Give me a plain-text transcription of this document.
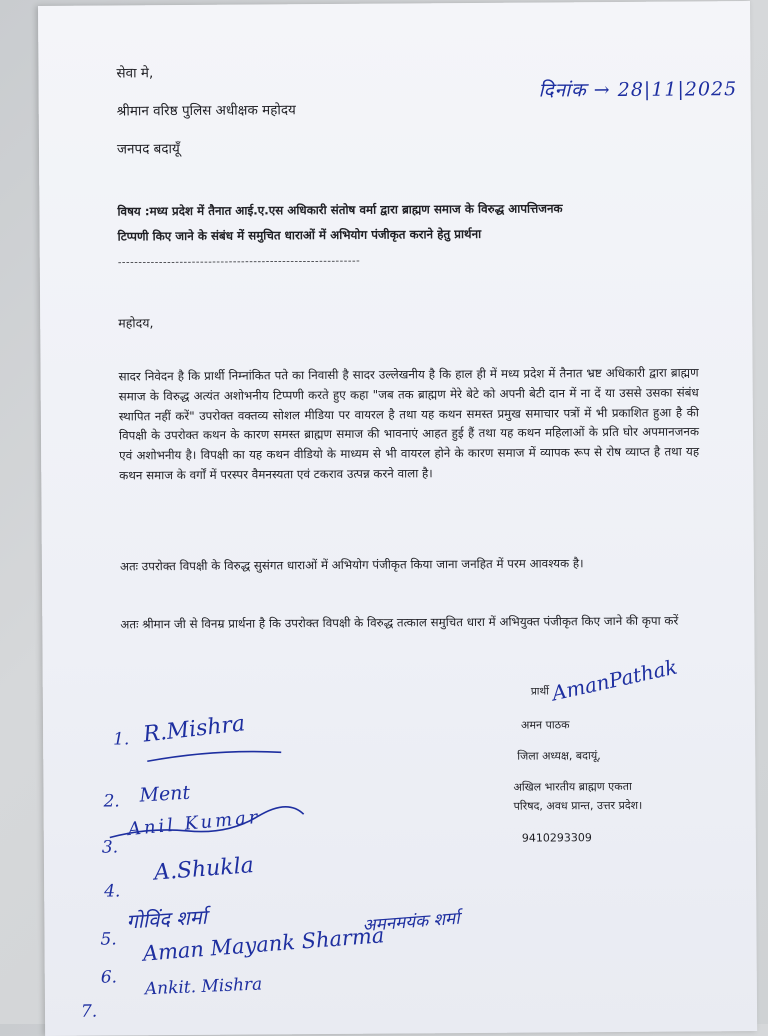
सेवा मे,
श्रीमान वरिष्ठ पुलिस अधीक्षक महोदय
जनपद बदायूँ
दिनांक → 28|11|2025
विषय :मध्य प्रदेश में तैनात आई.ए.एस अधिकारी संतोष वर्मा द्वारा ब्राह्मण समाज के विरुद्ध आपत्तिजनक
टिप्पणी किए जाने के संबंध में समुचित धाराओं में अभियोग पंजीकृत कराने हेतु प्रार्थना
-----------------------------------------------------------
महोदय,
सादर निवेदन है कि प्रार्थी निम्नांकित पते का निवासी है सादर उल्लेखनीय है कि हाल ही में मध्य प्रदेश में तैनात भ्रष्ट अधिकारी द्वारा ब्राह्मण समाज के विरुद्ध अत्यंत अशोभनीय टिप्पणी करते हुए कहा "जब तक ब्राह्मण मेरे बेटे को अपनी बेटी दान में ना दें या उससे उसका संबंध स्थापित नहीं करें" उपरोक्त वक्तव्य सोशल मीडिया पर वायरल है तथा यह कथन समस्त प्रमुख समाचार पत्रों में भी प्रकाशित हुआ है की विपक्षी के उपरोक्त कथन के कारण समस्त ब्राह्मण समाज की भावनाएं आहत हुई हैं तथा यह कथन महिलाओं के प्रति घोर अपमानजनक एवं अशोभनीय है। विपक्षी का यह कथन वीडियो के माध्यम से भी वायरल होने के कारण समाज में व्यापक रूप से रोष व्याप्त है तथा यह कथन समाज के वर्गों में परस्पर वैमनस्यता एवं टकराव उत्पन्न करने वाला है।
अतः उपरोक्त विपक्षी के विरुद्ध सुसंगत धाराओं में अभियोग पंजीकृत किया जाना जनहित में परम आवश्यक है।
अतः श्रीमान जी से विनम्र प्रार्थना है कि उपरोक्त विपक्षी के विरुद्ध तत्काल समुचित धारा में अभियुक्त पंजीकृत किए जाने की कृपा करें
प्रार्थी AmanPathak
अमन पाठक
जिला अध्यक्ष, बदायूं,
अखिल भारतीय ब्राह्मण एकता
परिषद, अवध प्रान्त, उत्तर प्रदेश।
9410293309
1. R.Mishra
2. Ment
3.
Anil Kumar
4.
A.Shukla
5.
गोविंद शर्मा
6.
Aman Mayank Sharma
अमनमयंक शर्मा
7.
Ankit. Mishra
